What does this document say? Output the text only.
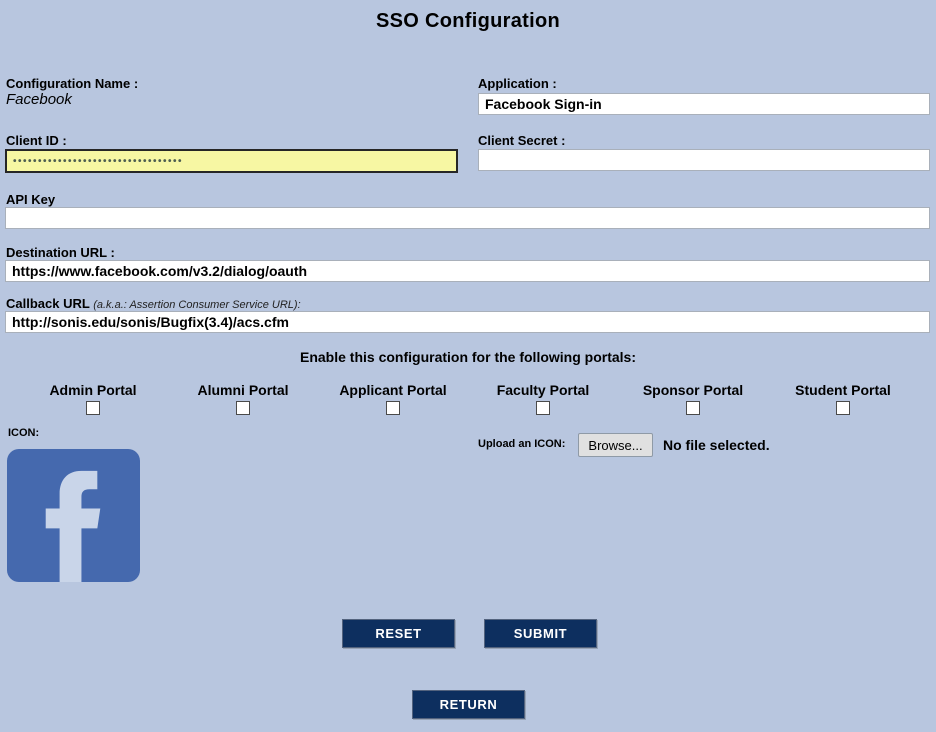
SSO Configuration
Configuration Name :
Facebook
Application :
Facebook Sign-in
Client ID :
••••••••••••••••••••••••••••••••••	Client Secret :
API Key
Destination URL :
https://www.facebook.com/v3.2/dialog/oauth
Callback URL (a.k.a.: Assertion Consumer Service URL):
http://sonis.edu/sonis/Bugfix(3.4)/acs.cfm
Enable this configuration for the following portals:
Admin Portal	Alumni Portal	Applicant Portal	Faculty Portal	Sponsor Portal	Student Portal
ICON:
Upload an ICON:	Browse...	No file selected.
RESET	SUBMIT
RETURN
